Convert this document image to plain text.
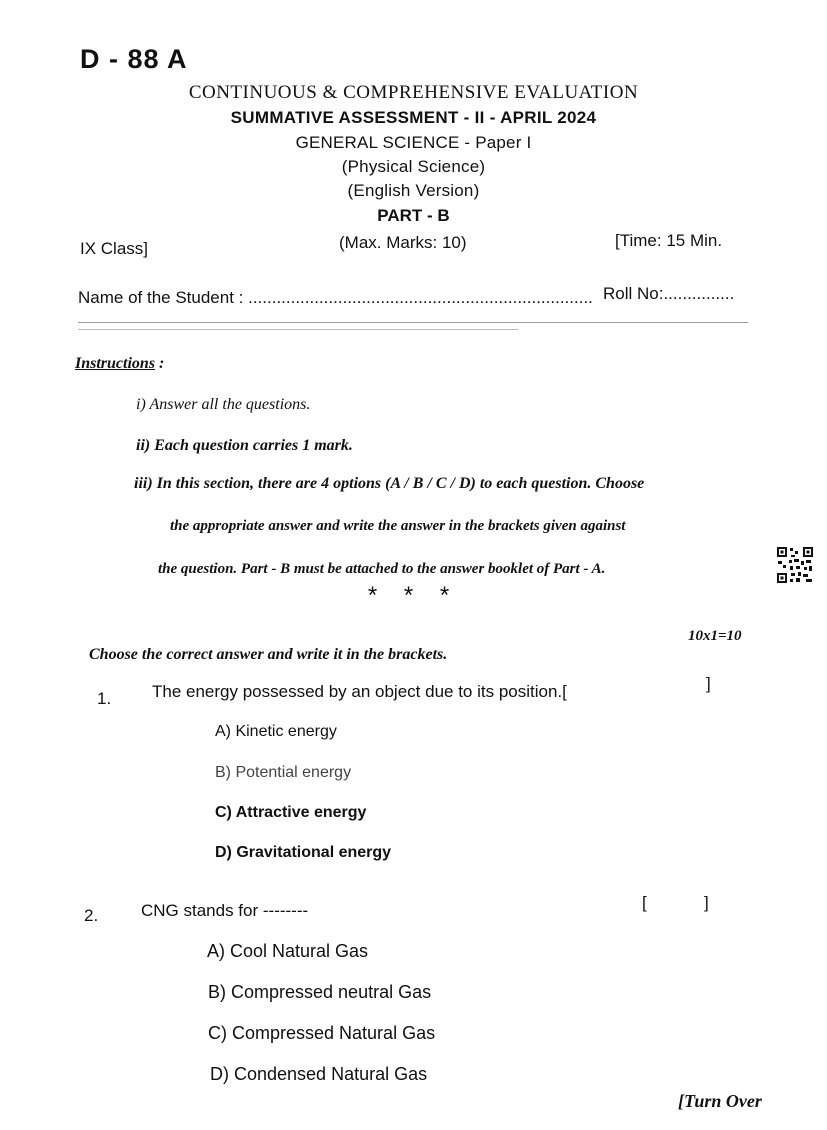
D - 88 A
CONTINUOUS & COMPREHENSIVE EVALUATION
SUMMATIVE ASSESSMENT - II - APRIL 2024
GENERAL SCIENCE - Paper I
(Physical Science)
(English Version)
PART - B
IX Class]	(Max. Marks: 10)	[Time: 15 Min.
Name of the Student : ......................................................................... Roll No:...............
Instructions :
i) Answer all the questions.
ii) Each question carries 1 mark.
iii) In this section, there are 4 options (A / B / C / D) to each question. Choose
the appropriate answer and write the answer in the brackets given against
the question. Part - B must be attached to the answer booklet of Part - A.
* * *
Choose the correct answer and write it in the brackets.
10x1=10
1. The energy possessed by an object due to its position.[	]
A) Kinetic energy
B) Potential energy
C) Attractive energy
D) Gravitational energy
2.	CNG stands for --------	[	]
A) Cool Natural Gas
B) Compressed neutral Gas
C) Compressed Natural Gas
D) Condensed Natural Gas
[Turn Over
